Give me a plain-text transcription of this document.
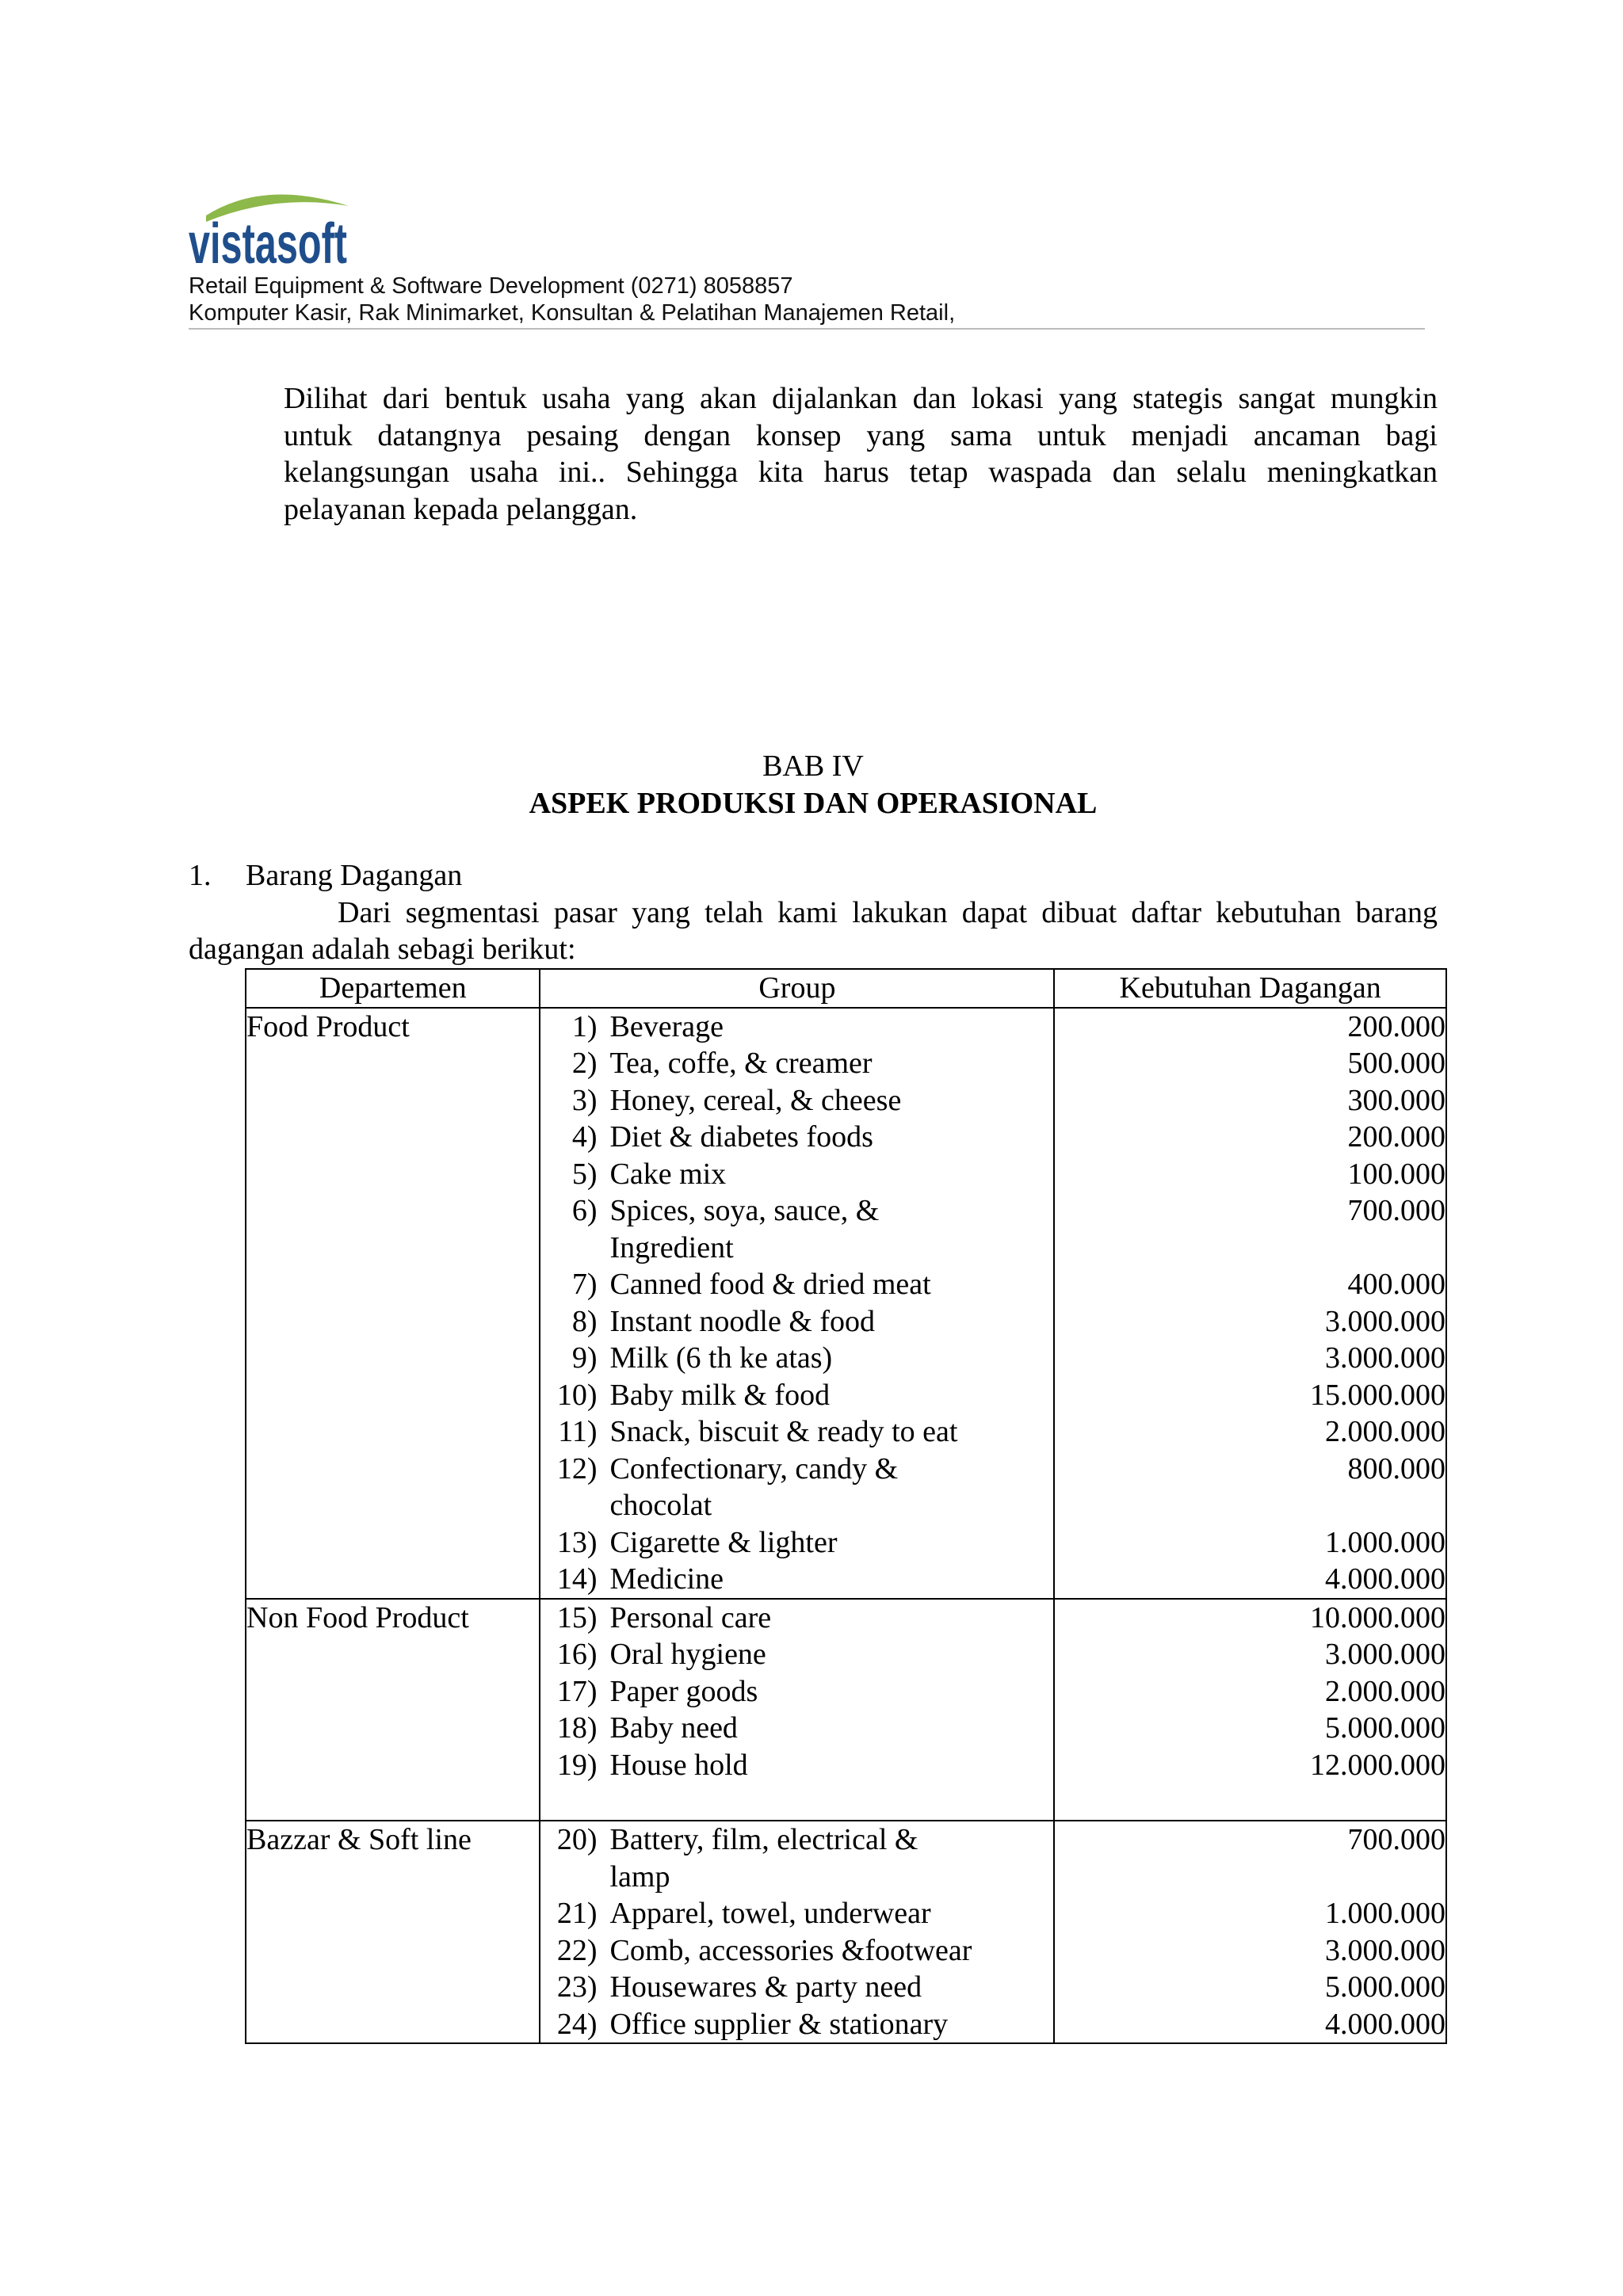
vistasoft
Retail Equipment & Software Development (0271) 8058857
Komputer Kasir, Rak Minimarket, Konsultan & Pelatihan Manajemen Retail,
Dilihat dari bentuk usaha yang akan dijalankan dan lokasi yang stategis sangat mungkin
untuk datangnya pesaing dengan konsep yang sama untuk menjadi ancaman bagi
kelangsungan usaha ini.. Sehingga kita harus tetap waspada dan selalu meningkatkan
pelayanan kepada pelanggan.
BAB IV
ASPEK PRODUKSI DAN OPERASIONAL
1.	Barang Dagangan
Dari segmentasi pasar yang telah kami lakukan dapat dibuat daftar kebutuhan barang
dagangan adalah sebagi berikut:
Departemen	Group	Kebutuhan Dagangan
Food Product	1) Beverage	200.000

	2) Tea, coffe, & creamer	500.000

	3) Honey, cereal, & cheese	300.000

	4) Diet & diabetes foods	200.000

	5) Cake mix	100.000

	6) Spices, soya, sauce, &
Ingredient	700.000

	7) Canned food & dried meat	400.000

	8) Instant noodle & food	3.000.000

	9) Milk (6 th ke atas)	3.000.000

	10) Baby milk & food	15.000.000

	11) Snack, biscuit & ready to eat	2.000.000

	12) Confectionary, candy &
chocolat	800.000

	13) Cigarette & lighter	1.000.000

	14) Medicine	4.000.000
Non Food Product	15) Personal care	10.000.000

	16) Oral hygiene	3.000.000

	17) Paper goods	2.000.000

	18) Baby need	5.000.000

	19) House hold	12.000.000

Bazzar & Soft line	20) Battery, film, electrical &
lamp	700.000

	21) Apparel, towel, underwear	1.000.000

	22) Comb, accessories &footwear	3.000.000

	23) Housewares & party need	5.000.000

	24) Office supplier & stationary	4.000.000
